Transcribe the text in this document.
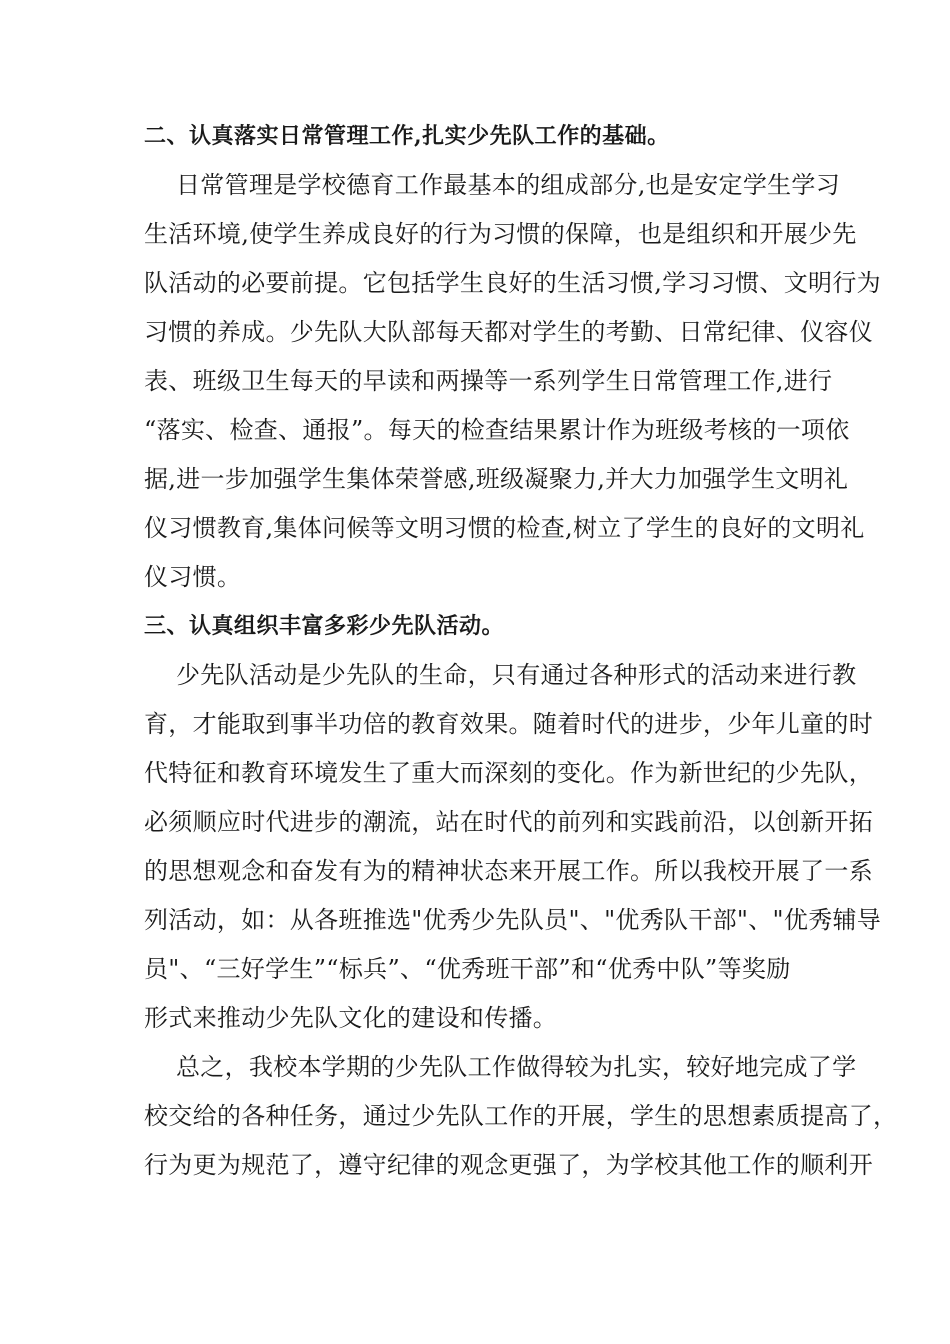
二、认真落实日常管理工作,扎实少先队工作的基础。
日常管理是学校德育工作最基本的组成部分,也是安定学生学习
生活环境,使学生养成良好的行为习惯的保障，也是组织和开展少先
队活动的必要前提。它包括学生良好的生活习惯,学习习惯、文明行为
习惯的养成。少先队大队部每天都对学生的考勤、日常纪律、仪容仪
表、班级卫生每天的早读和两操等一系列学生日常管理工作,进行
“落实、检查、通报”。每天的检查结果累计作为班级考核的一项依
据,进一步加强学生集体荣誉感,班级凝聚力,并大力加强学生文明礼
仪习惯教育,集体问候等文明习惯的检查,树立了学生的良好的文明礼
仪习惯。
三、认真组织丰富多彩少先队活动。
少先队活动是少先队的生命，只有通过各种形式的活动来进行教
育，才能取到事半功倍的教育效果。随着时代的进步，少年儿童的时
代特征和教育环境发生了重大而深刻的变化。作为新世纪的少先队，
必须顺应时代进步的潮流，站在时代的前列和实践前沿，以创新开拓
的思想观念和奋发有为的精神状态来开展工作。所以我校开展了一系
列活动，如：从各班推选"优秀少先队员"、"优秀队干部"、"优秀辅导
员"、“三好学生”“标兵”、“优秀班干部”和“优秀中队”等奖励
形式来推动少先队文化的建设和传播。
总之，我校本学期的少先队工作做得较为扎实，较好地完成了学
校交给的各种任务，通过少先队工作的开展，学生的思想素质提高了，
行为更为规范了，遵守纪律的观念更强了，为学校其他工作的顺利开
